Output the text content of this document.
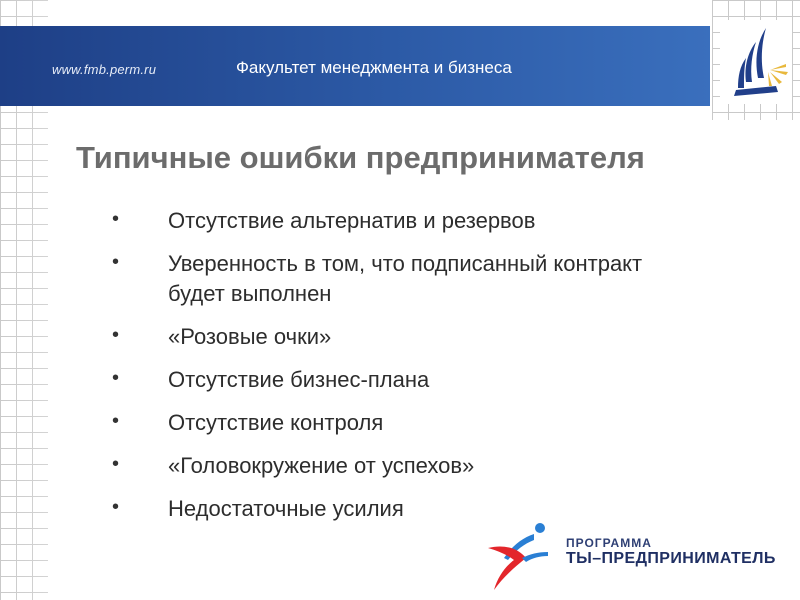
www.fmb.perm.ru	Факультет менеджмента и бизнеса
Типичные ошибки предпринимателя
• Отсутствие альтернатив и резервов
• Уверенность в том, что подписанный контракт будет выполнен
• «Розовые очки»
• Отсутствие бизнес-плана
• Отсутствие контроля
• «Головокружение от успехов»
• Недостаточные усилия
ПРОГРАММА
ТЫ–ПРЕДПРИНИМАТЕЛЬ
